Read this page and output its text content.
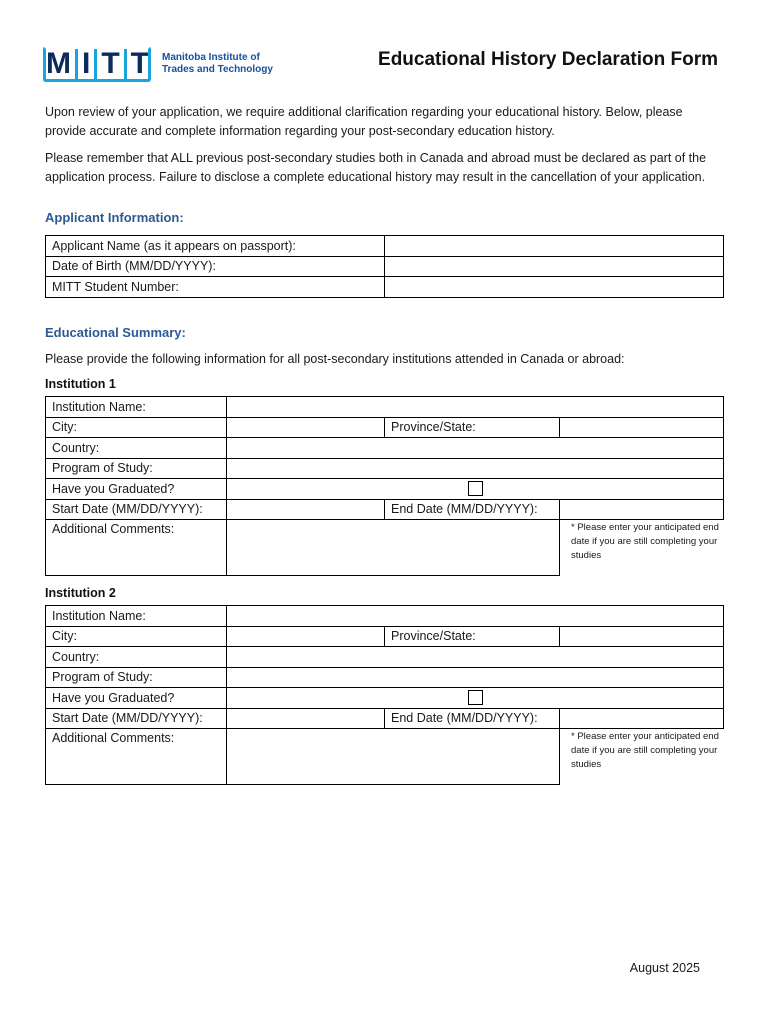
M I T T	Manitoba Institute of
Trades and Technology	Educational History Declaration Form
Upon review of your application, we require additional clarification regarding your educational history. Below, please provide accurate and complete information regarding your post-secondary education history.
Please remember that ALL previous post-secondary studies both in Canada and abroad must be declared as part of the application process. Failure to disclose a complete educational history may result in the cancellation of your application.
Applicant Information:
Applicant Name (as it appears on passport):	
Date of Birth (MM/DD/YYYY):	
MITT Student Number:	
Educational Summary:
Please provide the following information for all post-secondary institutions attended in Canada or abroad:
Institution 1
Institution Name:			
City:		Province/State:	
Country:			
Program of Study:			
Have you Graduated?			
Start Date (MM/DD/YYYY):		End Date (MM/DD/YYYY):	
Additional Comments:				* Please enter your anticipated end date if you are still completing your studies
Institution 2
Institution Name:			
City:		Province/State:	
Country:			
Program of Study:			
Have you Graduated?			
Start Date (MM/DD/YYYY):		End Date (MM/DD/YYYY):	
Additional Comments:				* Please enter your anticipated end date if you are still completing your studies
August 2025
